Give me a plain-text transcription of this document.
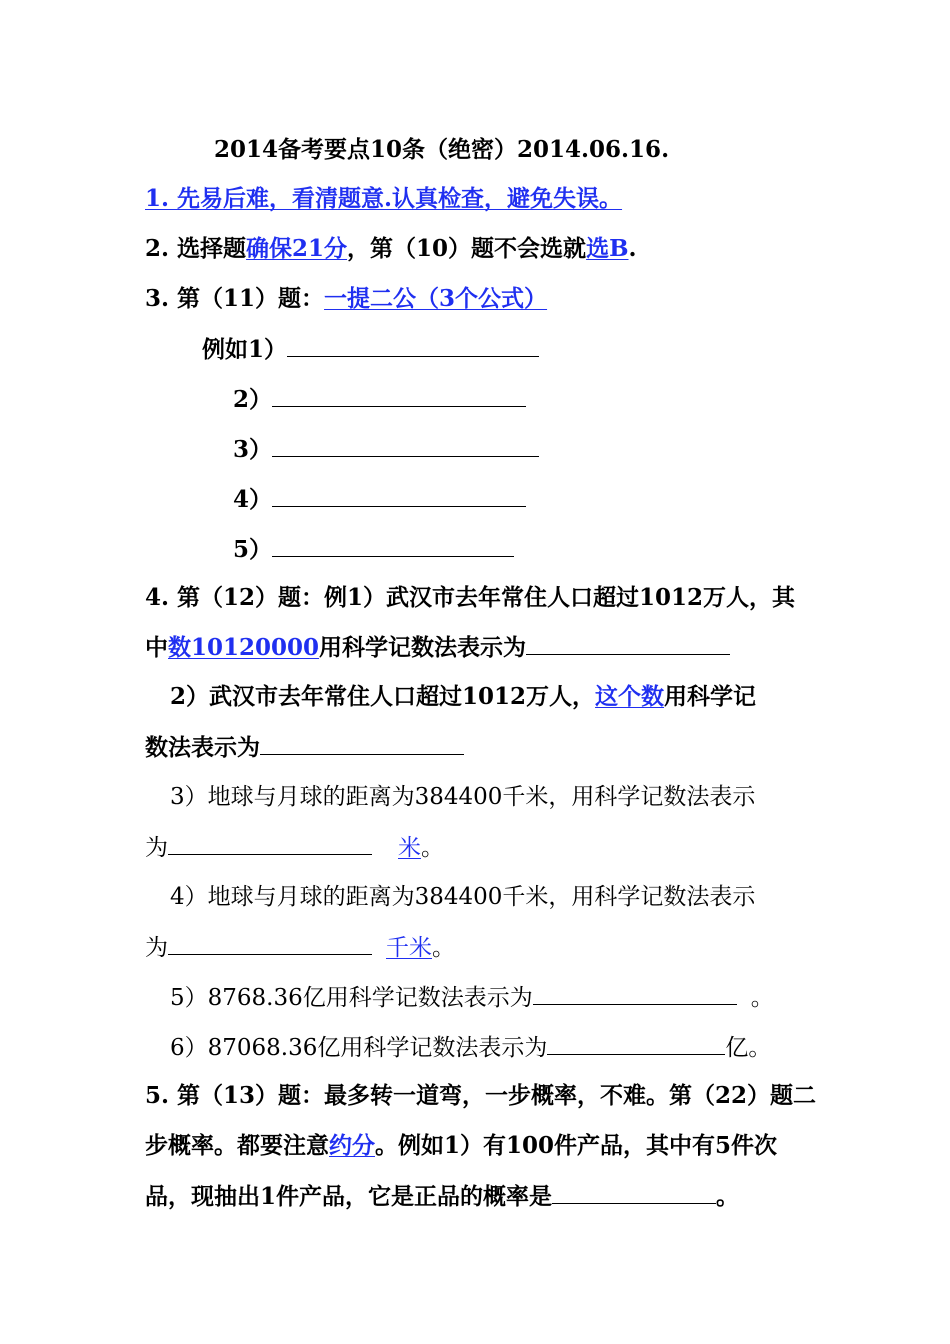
2014备考要点10条（绝密）2014.06.16.
1. 先易后难，看清题意.认真检查，避免失误。
2. 选择题确保21分，第（10）题不会选就选B.
3. 第（11）题：一提二公（3个公式）
例如1）
2）
3）
4）
5）
4. 第（12）题：例1）武汉市去年常住人口超过1012万人，其
中数10120000用科学记数法表示为
2）武汉市去年常住人口超过1012万人，这个数用科学记
数法表示为
3）地球与月球的距离为384400千米，用科学记数法表示
为	米。
4）地球与月球的距离为384400千米，用科学记数法表示
为	千米。
5）8768.36亿用科学记数法表示为	。
6）87068.36亿用科学记数法表示为	亿。
5. 第（13）题：最多转一道弯，一步概率，不难。第（22）题二
步概率。都要注意约分。例如1）有100件产品，其中有5件次
品，现抽出1件产品，它是正品的概率是	。
